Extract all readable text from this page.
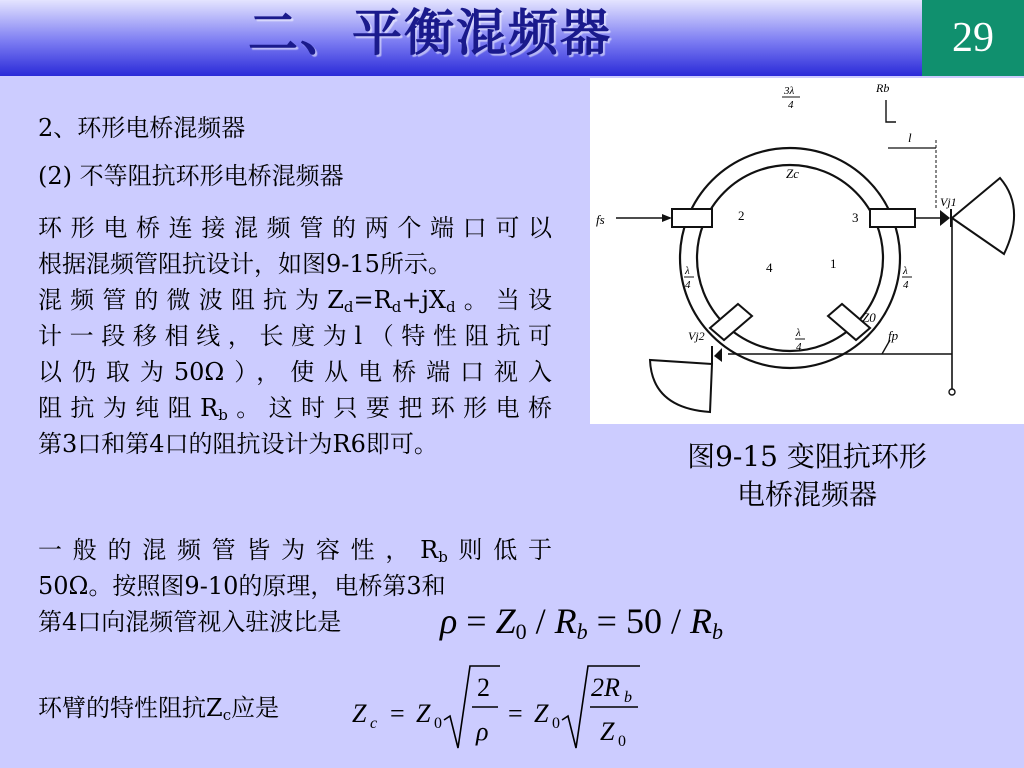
二、平衡混频器	29
2、环形电桥混频器
(2) 不等阻抗环形电桥混频器
环形电桥连接混频管的两个端口可以
根据混频管阻抗设计，如图9-15所示。
混频管的微波阻抗为$Z_d=R_d+jX_d$。当设
计一段移相线，长度为l（特性阻抗可
以仍取为50Ω），使从电桥端口视入
阻抗为纯阻$R_b$。这时只要把环形电桥
第3口和第4口的阻抗设计为R6即可。
一般的混频管皆为容性，$R_b$则低于
50Ω。按照图9-10的原理，电桥第3和
第4口向混频管视入驻波比是	$\rho = Z_0 / R_b = 50 / R_b$
环臂的特性阻抗$Z_c$应是	Z c = Z 0
2
ρ
= Z 0
2R b
Z 0
fs
Vj1
Vj2	fp
Zc
2	3
4	1
Z0
3λ
4
λ
4
λ
4
λ
4
Rb
l
图9-15 变阻抗环形
电桥混频器
